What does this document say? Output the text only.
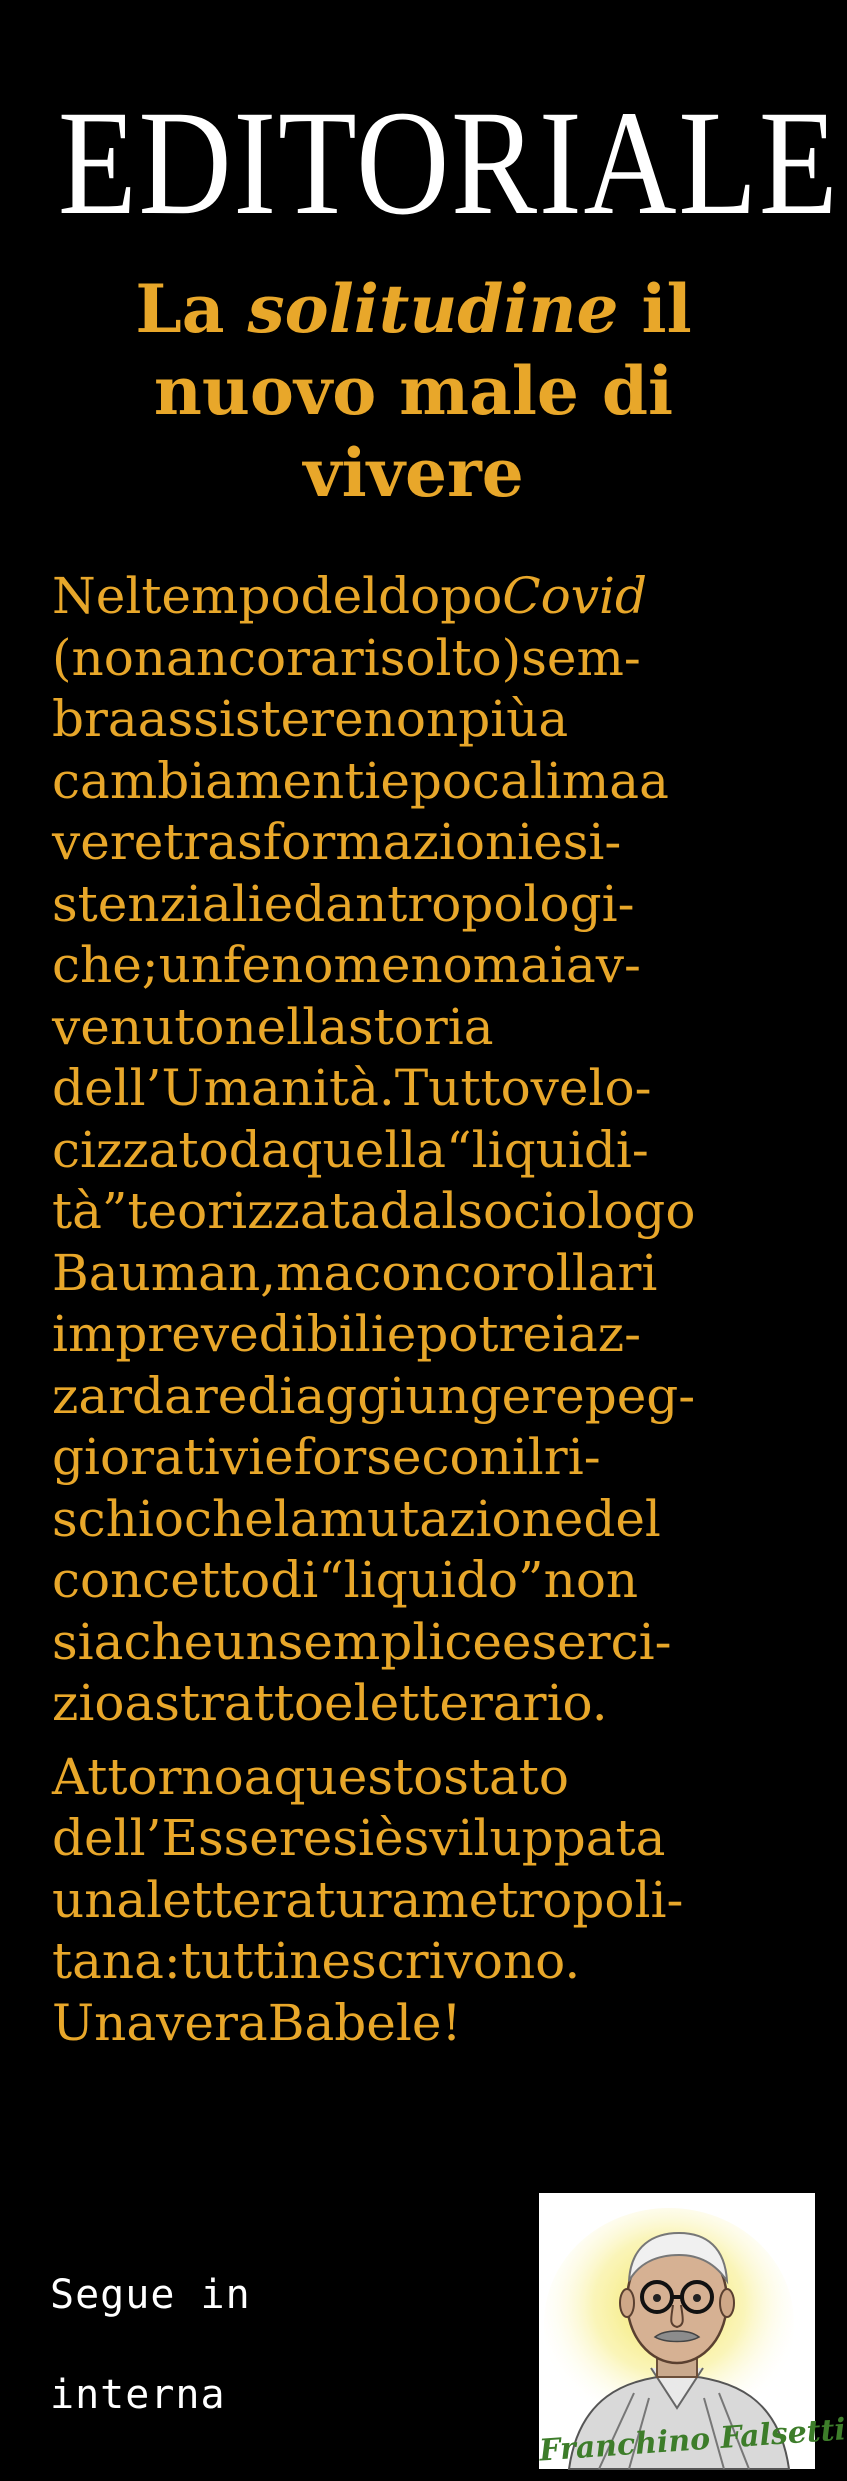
EDITORIALE
La solitudine il nuovo male di vivere
NeltempodeldopoCovid
(nonancorarisolto)sem-
braassisterenonpiùa
cambiamentiepocalimaa
veretrasformazioniesi-
stenzialiedantropologi-
che;unfenomenomaiav-
venutonellastoria
dell’Umanità.Tuttovelo-
cizzatodaquella“liquidi-
tà”teorizzatadalsociologo
Bauman,maconcorollari
imprevedibiliepotreiaz-
zardarediaggiungerepeg-
giorativieforseconilri-
schiochelamutazionedel
concettodi“liquido”non
siacheunsempliceeserci-
zioastrattoeletterario.
Attornoaquestostato
dell’Esseresièsviluppata
unaletteraturametropoli-
tana:tuttinescrivono.
UnaveraBabele!
Segue in
interna
Franchino Falsetti
